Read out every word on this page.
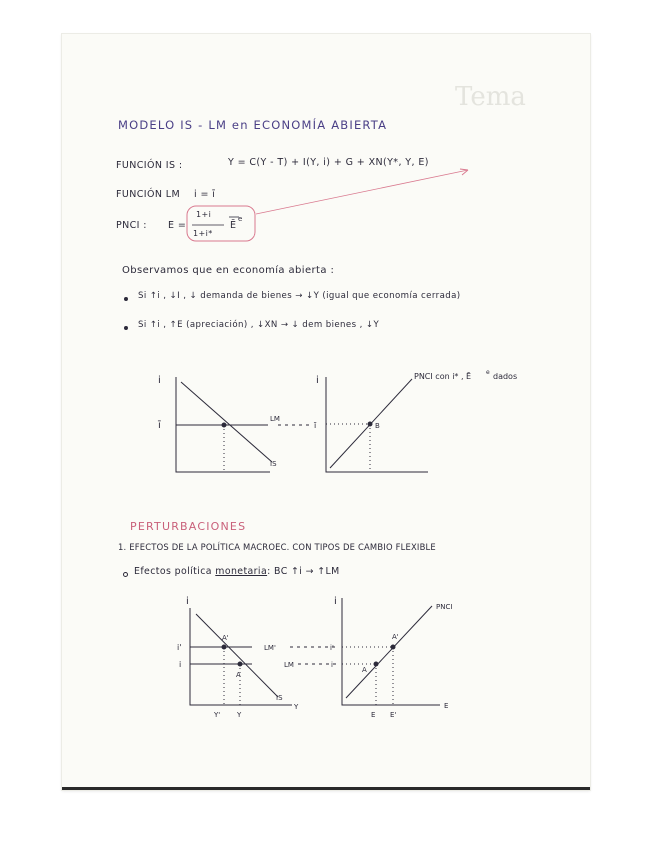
Tema
MODELO IS - LM en ECONOMÍA ABIERTA
FUNCIÓN IS :	Y = C(Y - T) + I(Y, i) + G + XN(Y*, Y, E)
FUNCIÓN LM i = ī
PNCI : E =
1+i
1+i*
Ē
e
Observamos que en economía abierta :
Si ↑i , ↓I , ↓ demanda de bienes → ↓Y (igual que economía cerrada)
Si ↑i , ↑E (apreciación) , ↓XN → ↓ dem bienes , ↓Y
i
ī
LM
IS
i
ī	B
PNCI con i* , Ē e dados
PERTURBACIONES
1. EFECTOS DE LA POLÍTICA MACROEC. CON TIPOS DE CAMBIO FLEXIBLE
Efectos política monetaria: BC ↑i → ↑LM
i
Y
i'
i
A'
A
LM'
LM
IS
Y' Y
i
E
PNCI
i'
i
A'
A
E E'
